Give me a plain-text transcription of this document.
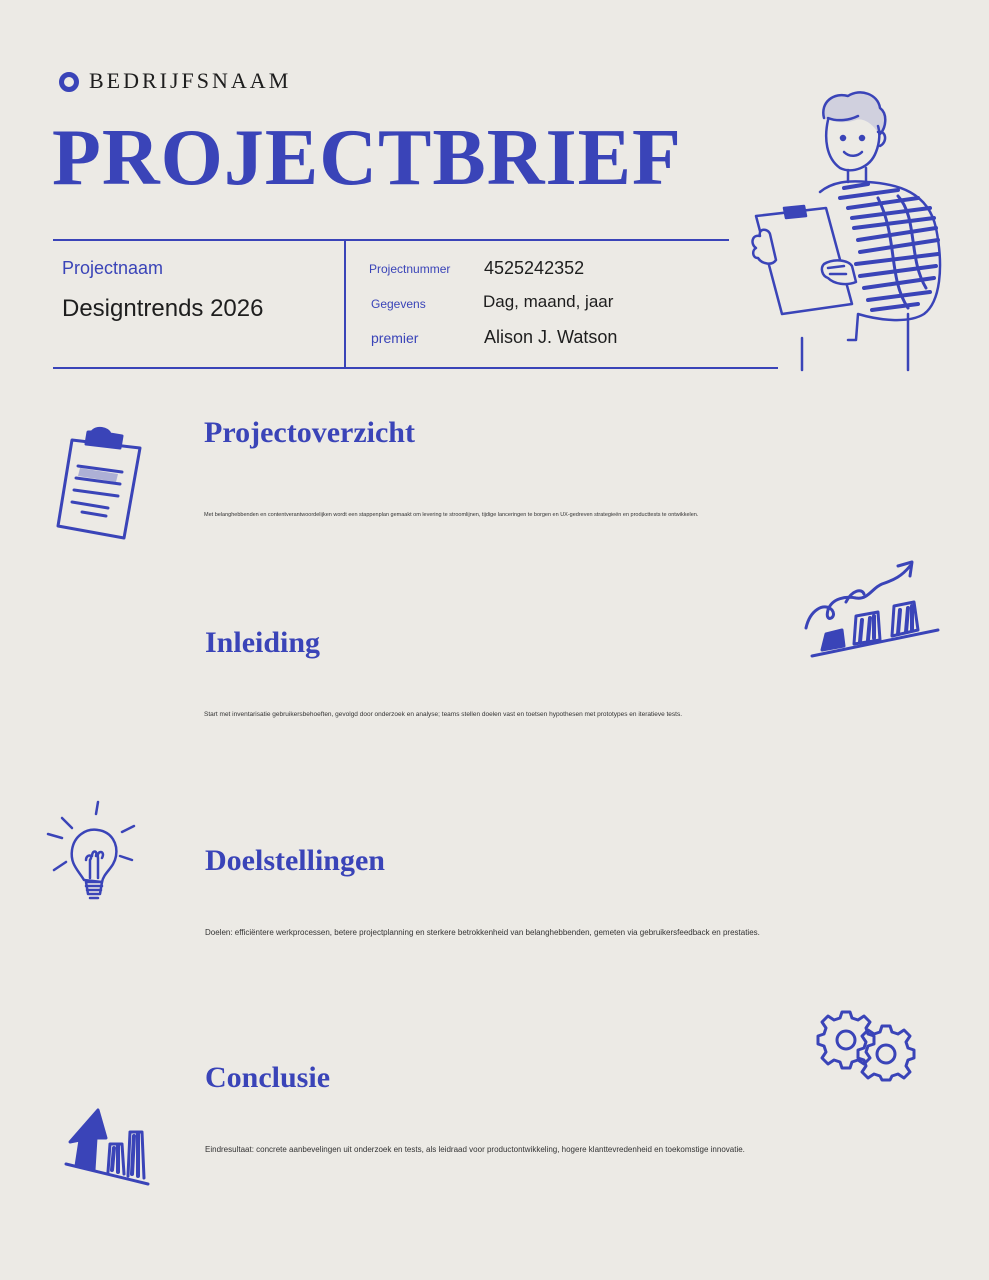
BEDRIJFSNAAM
PROJECTBRIEF
Projectnaam
Designtrends 2026
Projectnummer 4525242352
Gegevens	Dag, maand, jaar
premier	Alison J. Watson
Projectoverzicht
Met belanghebbenden en contentverantwoordelijken wordt een stappenplan gemaakt om levering te stroomlijnen, tijdige lanceringen te borgen en UX-gedreven strategieën en producttests te ontwikkelen.
Inleiding
Start met inventarisatie gebruikersbehoeften, gevolgd door onderzoek en analyse; teams stellen doelen vast en toetsen hypothesen met prototypes en iteratieve tests.
Doelstellingen
Doelen: efficiëntere werkprocessen, betere projectplanning en sterkere betrokkenheid van belanghebbenden, gemeten via gebruikersfeedback en prestaties.
Conclusie
Eindresultaat: concrete aanbevelingen uit onderzoek en tests, als leidraad voor productontwikkeling, hogere klanttevredenheid en toekomstige innovatie.
